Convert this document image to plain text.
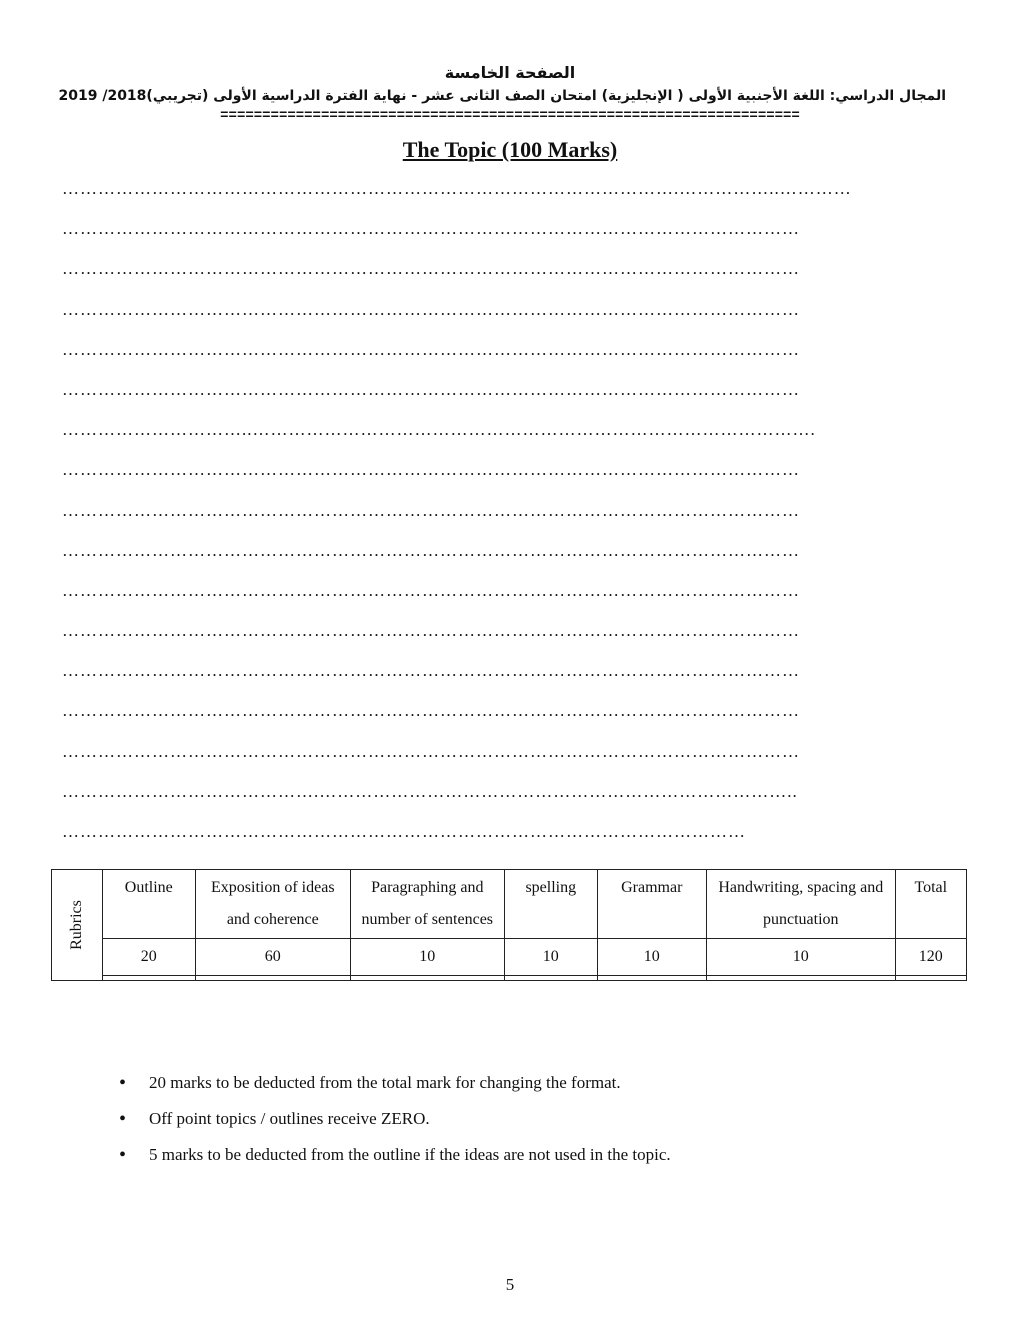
الصفحة الخامسة
المجال الدراسي: اللغة الأجنبية الأولى ( الإنجليزية) امتحان الصف الثانى عشر - نهاية الفترة الدراسية الأولى (تجريبي)2018/ 2019
=====================================================================
The Topic (100 Marks)
………………………………………………………………………………………….……………..…………
……………………………………………………………………………………………………………
……………………………………………………………………………………………………………
……………………………………………………………………………………………………………
……………………………………………………………………………………………………………
……………………………………………………………………………………………………………
…………………………..………………………………………………………………………………….
……………………………………………………………………………………………………………
……………………………………………………………………………………………………………
……………………………………………………………………………………………………………
……………………………………………………………………………………………………………
……………………………………………………………………………………………………………
……………………………………………………………………………………………………………
……………………………………………………………………………………………………………
……………………………………………………………………………………………………………
…………………………………….……………………………………………………………………..
……………………………………………………………………………………………………
Rubrics	Outline	Exposition of ideas and coherence	Paragraphing and number of sentences	spelling	Grammar	Handwriting, spacing and punctuation	Total
	20	60	10	10	10	10	120

• 20 marks to be deducted from the total mark for changing the format.
• Off point topics / outlines receive ZERO.
• 5 marks to be deducted from the outline if the ideas are not used in the topic.
5
